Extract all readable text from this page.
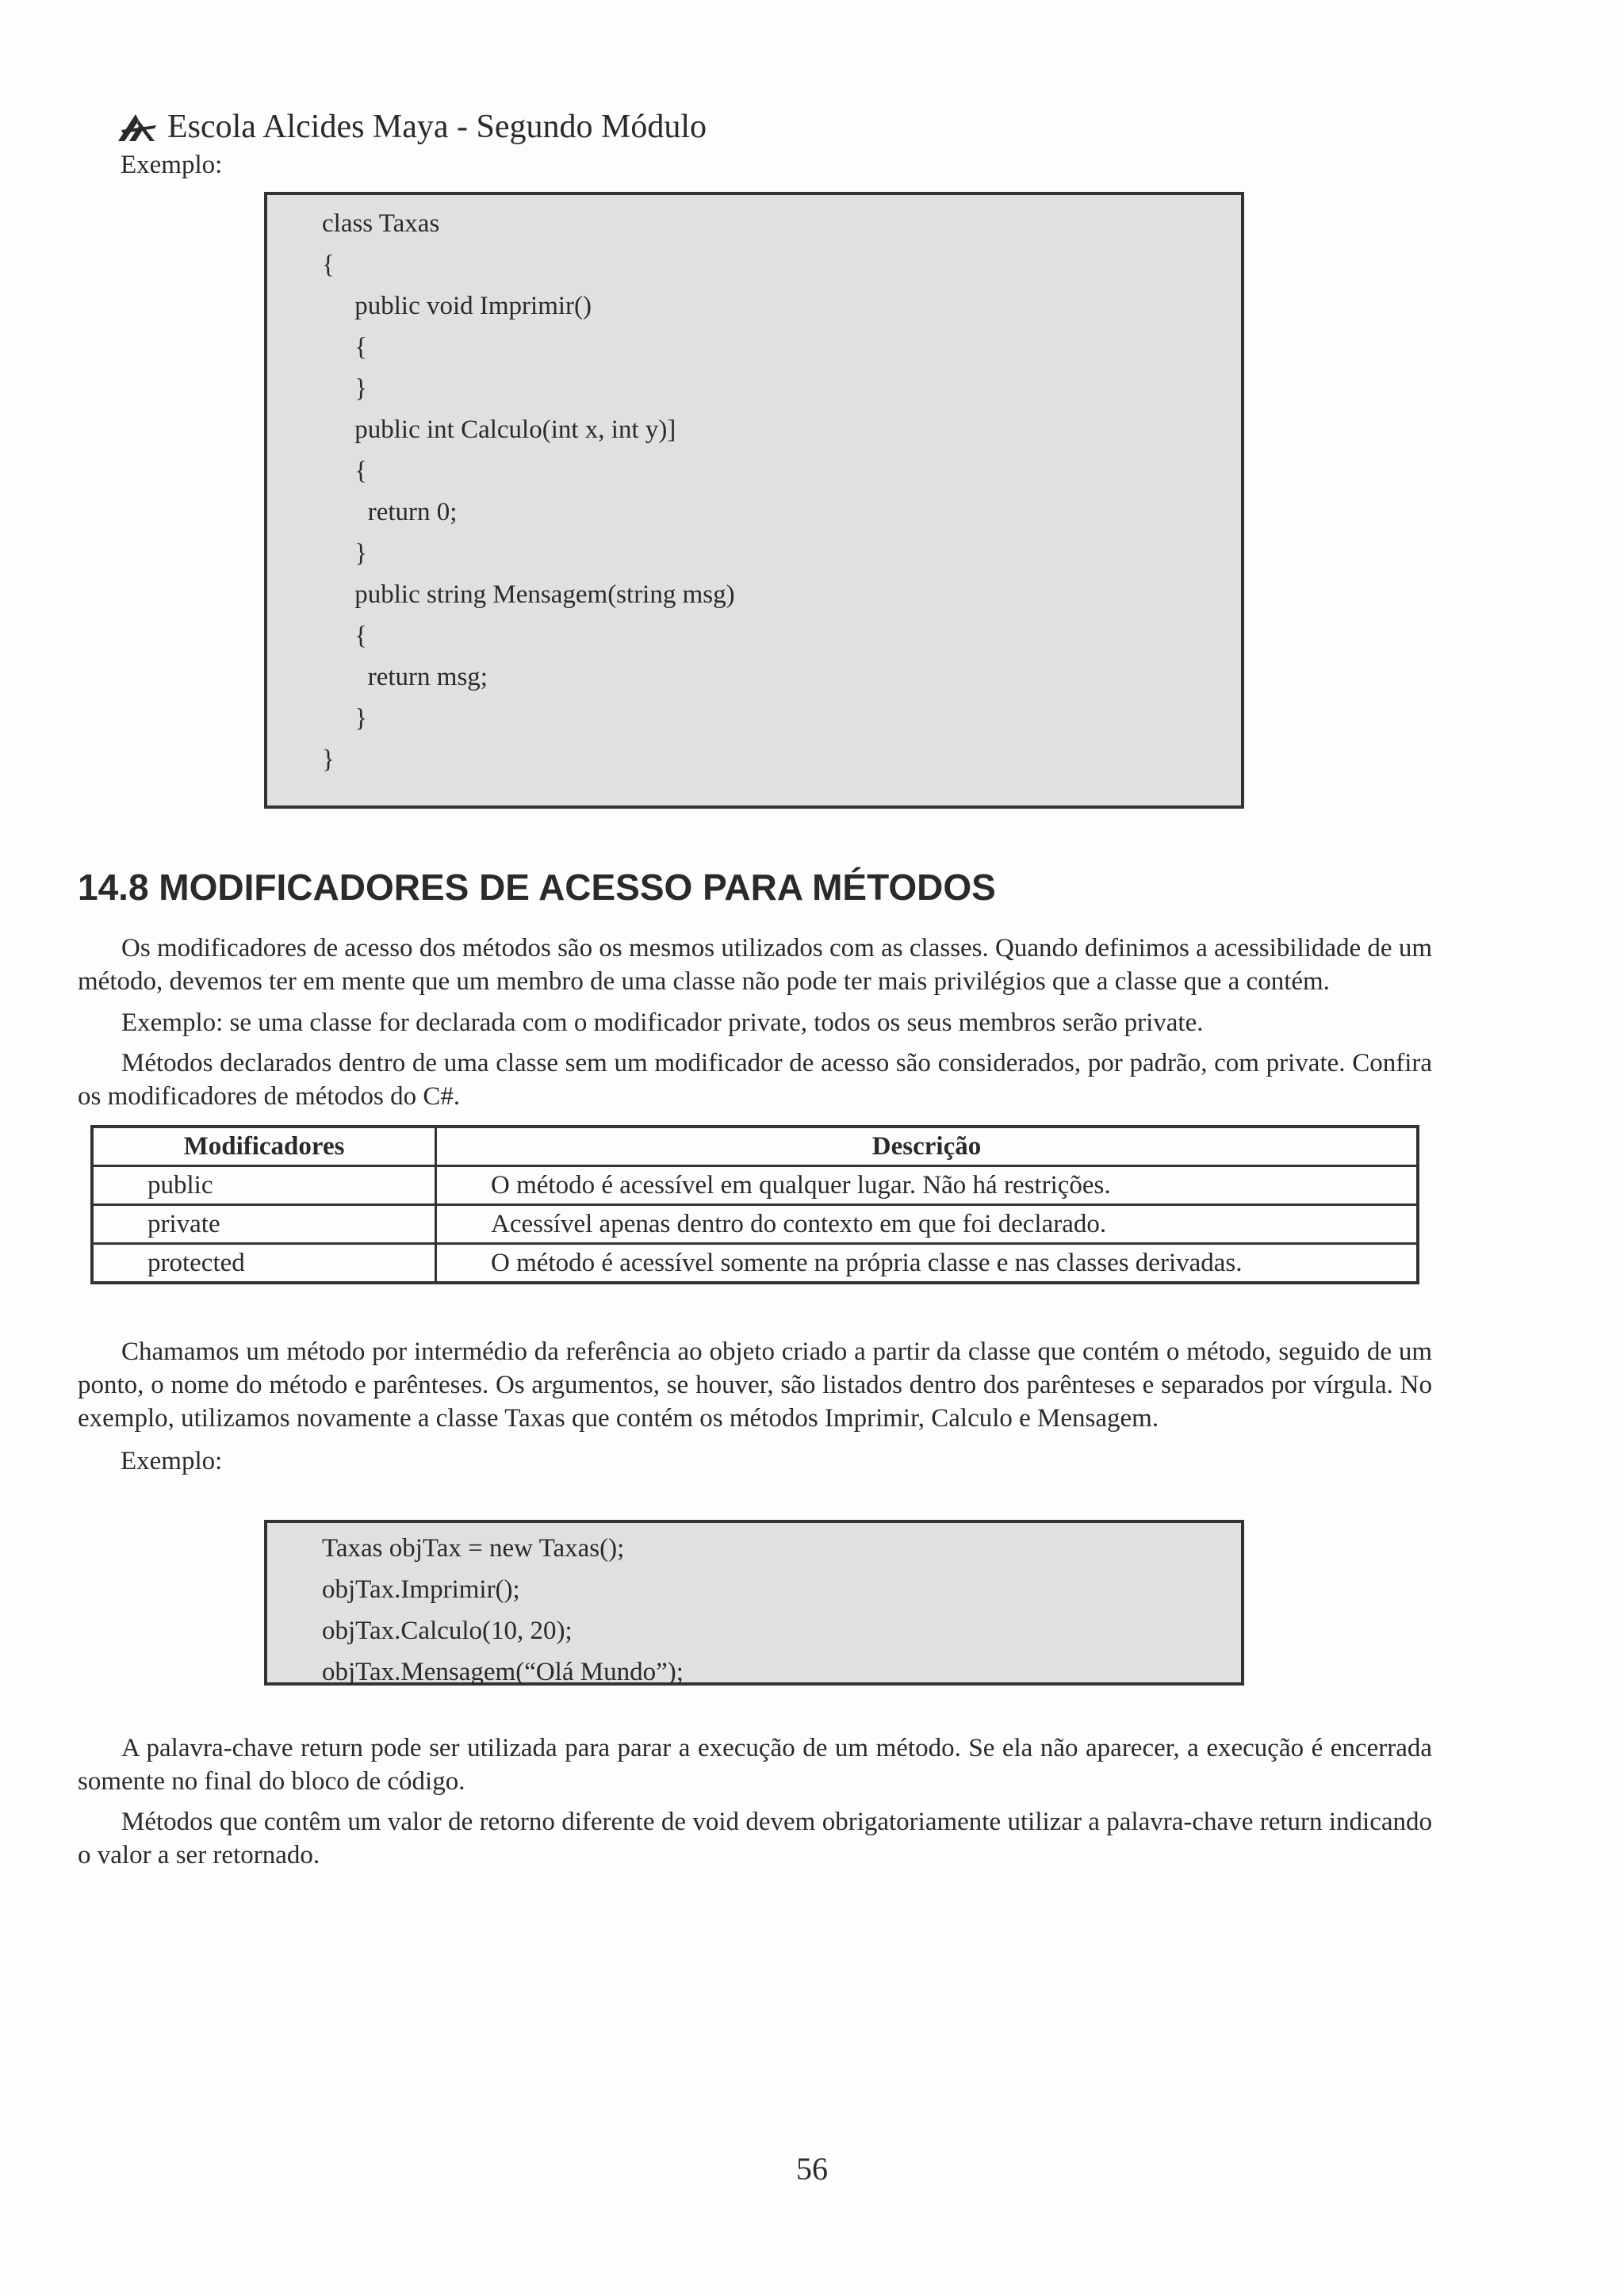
Escola Alcides Maya - Segundo Módulo
Exemplo:
class Taxas
{
public void Imprimir()
{
}
public int Calculo(int x, int y)]
{
return 0;
}
public string Mensagem(string msg)
{
return msg;
}
}
14.8 MODIFICADORES DE ACESSO PARA MÉTODOS

Os modificadores de acesso dos métodos são os mesmos utilizados com as classes. Quando definimos a acessibilidade de um método, devemos ter em mente que um membro de uma classe não pode ter mais privilégios que a classe que a contém.

Exemplo: se uma classe for declarada com o modificador private, todos os seus membros serão private.

Métodos declarados dentro de uma classe sem um modificador de acesso são considerados, por padrão, com private. Confira os modificadores de métodos do C#.

Modificadores	Descrição
public	O método é acessível em qualquer lugar. Não há restrições.
private	Acessível apenas dentro do contexto em que foi declarado.
protected	O método é acessível somente na própria classe e nas classes derivadas.

Chamamos um método por intermédio da referência ao objeto criado a partir da classe que contém o método, seguido de um ponto, o nome do método e parênteses. Os argumentos, se houver, são listados dentro dos parênteses e separados por vírgula. No exemplo, utilizamos novamente a classe Taxas que contém os métodos Imprimir, Calculo e Mensagem.

Exemplo:
Taxas objTax = new Taxas();
objTax.Imprimir();
objTax.Calculo(10, 20);
objTax.Mensagem(“Olá Mundo”);

A palavra-chave return pode ser utilizada para parar a execução de um método. Se ela não aparecer, a execução é encerrada somente no final do bloco de código.

Métodos que contêm um valor de retorno diferente de void devem obrigatoriamente utilizar a palavra-chave return indicando o valor a ser retornado.

56
